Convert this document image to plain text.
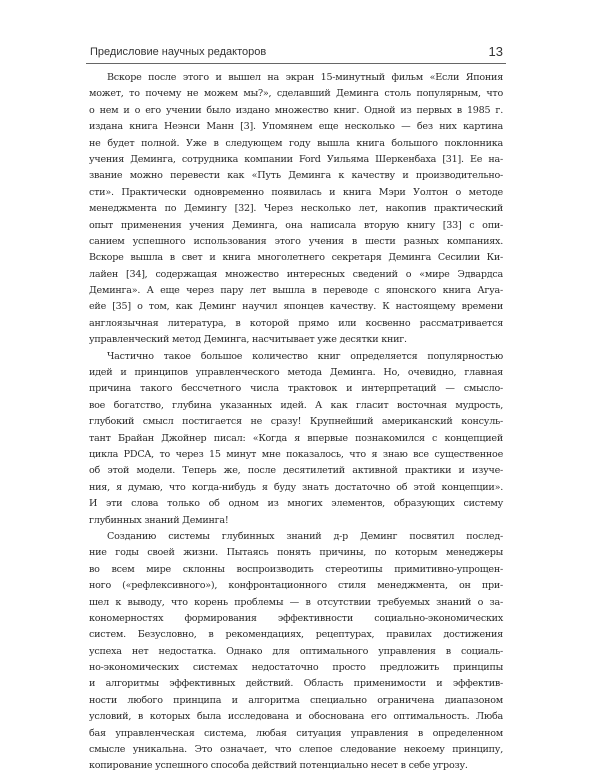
Предисловие научных редакторов	13
Вскоре после этого и вышел на экран 15-минутный фильм «Если Япония
может, то почему не можем мы?», сделавший Деминга столь популярным, что
о нем и о его учении было издано множество книг. Одной из первых в 1985 г.
издана книга Неэнси Манн [3]. Упомянем еще несколько — без них картина
не будет полной. Уже в следующем году вышла книга большого поклонника
учения Деминга, сотрудника компании Ford Уильяма Шеркенбаха [31]. Ее на-
звание можно перевести как «Путь Деминга к качеству и производительно-
сти». Практически одновременно появилась и книга Мэри Уолтон о методе
менеджмента по Демингу [32]. Через несколько лет, накопив практический
опыт применения учения Деминга, она написала вторую книгу [33] с опи-
санием успешного использования этого учения в шести разных компаниях.
Вскоре вышла в свет и книга многолетнего секретаря Деминга Сесилии Ки-
лайен [34], содержащая множество интересных сведений о «мире Эдвардса
Деминга». А еще через пару лет вышла в переводе с японского книга Агуа-
ейе [35] о том, как Деминг научил японцев качеству. К настоящему времени
англоязычная литература, в которой прямо или косвенно рассматривается
управленческий метод Деминга, насчитывает уже десятки книг.
Частично такое большое количество книг определяется популярностью
идей и принципов управленческого метода Деминга. Но, очевидно, главная
причина такого бессчетного числа трактовок и интерпретаций — смысло-
вое богатство, глубина указанных идей. А как гласит восточная мудрость,
глубокий смысл постигается не сразу! Крупнейший американский консуль-
тант Брайан Джойнер писал: «Когда я впервые познакомился с концепцией
цикла PDCA, то через 15 минут мне показалось, что я знаю все существенное
об этой модели. Теперь же, после десятилетий активной практики и изуче-
ния, я думаю, что когда-нибудь я буду знать достаточно об этой концепции».
И эти слова только об одном из многих элементов, образующих систему
глубинных знаний Деминга!
Созданию системы глубинных знаний д-р Деминг посвятил послед-
ние годы своей жизни. Пытаясь понять причины, по которым менеджеры
во всем мире склонны воспроизводить стереотипы примитивно-упрощен-
ного («рефлексивного»), конфронтационного стиля менеджмента, он при-
шел к выводу, что корень проблемы — в отсутствии требуемых знаний о за-
кономерностях формирования эффективности социально-экономических
систем. Безусловно, в рекомендациях, рецептурах, правилах достижения
успеха нет недостатка. Однако для оптимального управления в социаль-
но-экономических системах недостаточно просто предложить принципы
и алгоритмы эффективных действий. Область применимости и эффектив-
ности любого принципа и алгоритма специально ограничена диапазоном
условий, в которых была исследована и обоснована его оптимальность. Люба
бая управленческая система, любая ситуация управления в определенном
смысле уникальна. Это означает, что слепое следование некоему принципу,
копирование успешного способа действий потенциально несет в себе угрозу.
